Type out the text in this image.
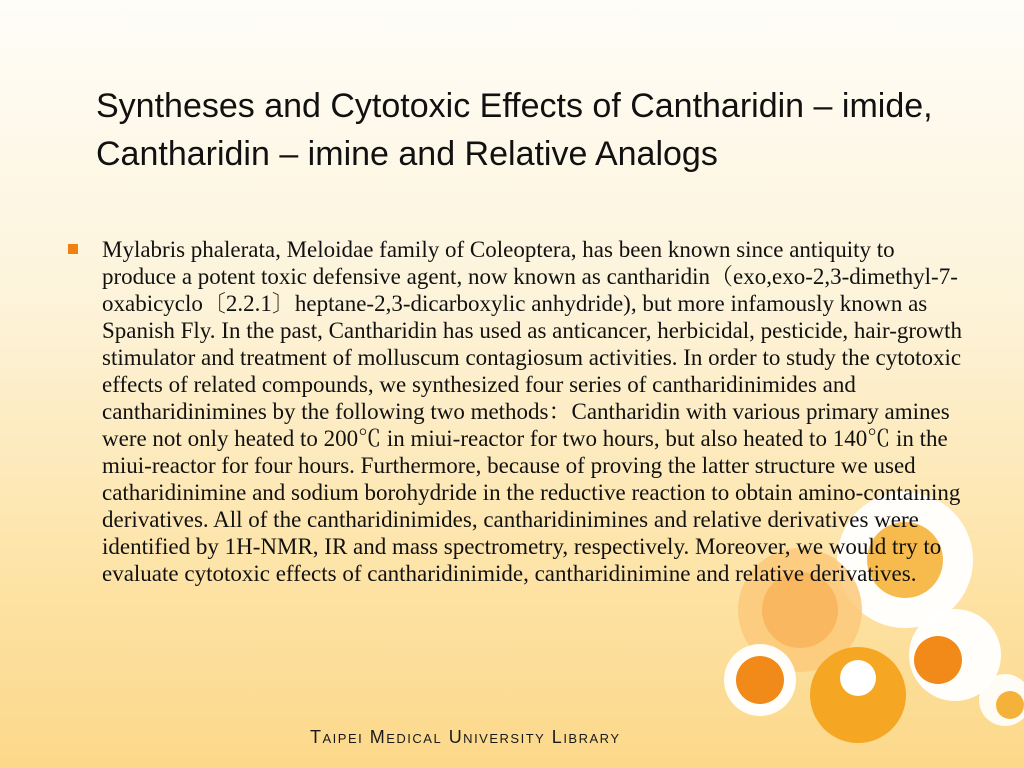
Syntheses and Cytotoxic Effects of Cantharidin – imide, Cantharidin – imine and Relative Analogs

Mylabris phalerata, Meloidae family of Coleoptera, has been known since antiquity to produce a potent toxic defensive agent, now known as cantharidin（exo,exo-2,3-dimethyl-7-oxabicyclo〔2.2.1〕heptane-2,3-dicarboxylic anhydride), but more infamously known as Spanish Fly. In the past, Cantharidin has used as anticancer, herbicidal, pesticide, hair-growth stimulator and treatment of molluscum contagiosum activities. In order to study the cytotoxic effects of related compounds, we synthesized four series of cantharidinimides and cantharidinimines by the following two methods：Cantharidin with various primary amines were not only heated to 200℃ in miui-reactor for two hours, but also heated to 140℃ in the miui-reactor for four hours. Furthermore, because of proving the latter structure we used catharidinimine and sodium borohydride in the reductive reaction to obtain amino-containing derivatives. All of the cantharidinimides, cantharidinimines and relative derivatives were identified by 1H-NMR, IR and mass spectrometry, respectively. Moreover, we would try to evaluate cytotoxic effects of cantharidinimide, cantharidinimine and relative derivatives.

Taipei Medical University Library
